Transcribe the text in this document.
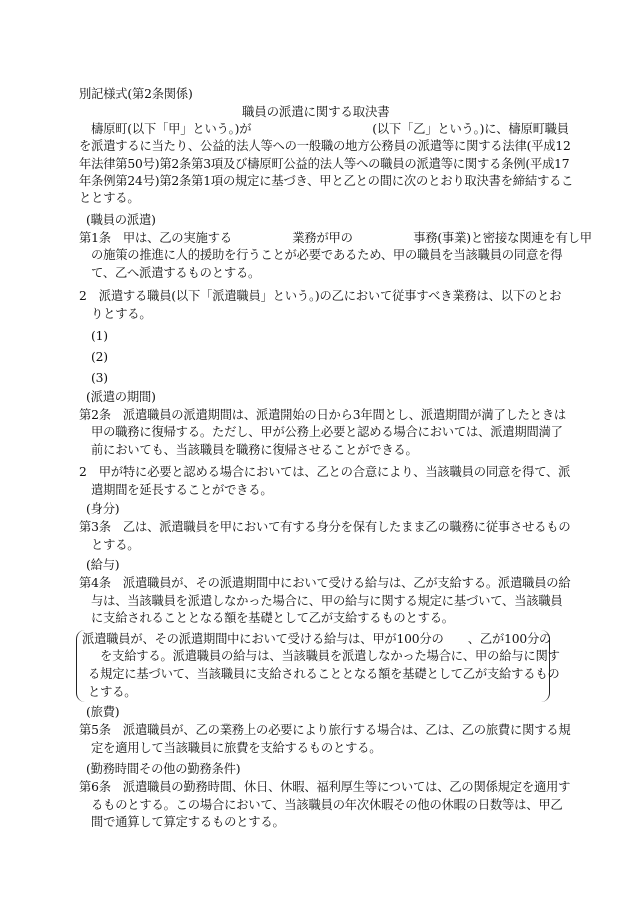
別記様式(第2条関係)
職員の派遣に関する取決書
檮原町(以下「甲」という。)が　　　　　　　　　　(以下「乙」という。)に、檮原町職員
を派遣するに当たり、公益的法人等への一般職の地方公務員の派遣等に関する法律(平成12
年法律第50号)第2条第3項及び檮原町公益的法人等への職員の派遣等に関する条例(平成17
年条例第24号)第2条第1項の規定に基づき、甲と乙との間に次のとおり取決書を締結するこ
ととする。
(職員の派遣)
第1条　甲は、乙の実施する　　　　　業務が甲の　　　　　事務(事業)と密接な関連を有し甲
の施策の推進に人的援助を行うことが必要であるため、甲の職員を当該職員の同意を得
て、乙へ派遣するものとする。
2　派遣する職員(以下「派遣職員」という。)の乙において従事すべき業務は、以下のとお
りとする。
(1)
(2)
(3)
(派遣の期間)
第2条　派遣職員の派遣期間は、派遣開始の日から3年間とし、派遣期間が満了したときは
甲の職務に復帰する。ただし、甲が公務上必要と認める場合においては、派遣期間満了
前においても、当該職員を職務に復帰させることができる。
2　甲が特に必要と認める場合においては、乙との合意により、当該職員の同意を得て、派
遣期間を延長することができる。
(身分)
第3条　乙は、派遣職員を甲において有する身分を保有したまま乙の職務に従事させるもの
とする。
(給与)
第4条　派遣職員が、その派遣期間中において受ける給与は、乙が支給する。派遣職員の給
与は、当該職員を派遣しなかった場合に、甲の給与に関する規定に基づいて、当該職員
に支給されることとなる額を基礎として乙が支給するものとする。
派遣職員が、その派遣期間中において受ける給与は、甲が100分の　　、乙が100分の
を支給する。派遣職員の給与は、当該職員を派遣しなかった場合に、甲の給与に関す
る規定に基づいて、当該職員に支給されることとなる額を基礎として乙が支給するもの
とする。
(旅費)
第5条　派遣職員が、乙の業務上の必要により旅行する場合は、乙は、乙の旅費に関する規
定を適用して当該職員に旅費を支給するものとする。
(勤務時間その他の勤務条件)
第6条　派遣職員の勤務時間、休日、休暇、福利厚生等については、乙の関係規定を適用す
るものとする。この場合において、当該職員の年次休暇その他の休暇の日数等は、甲乙
間で通算して算定するものとする。
